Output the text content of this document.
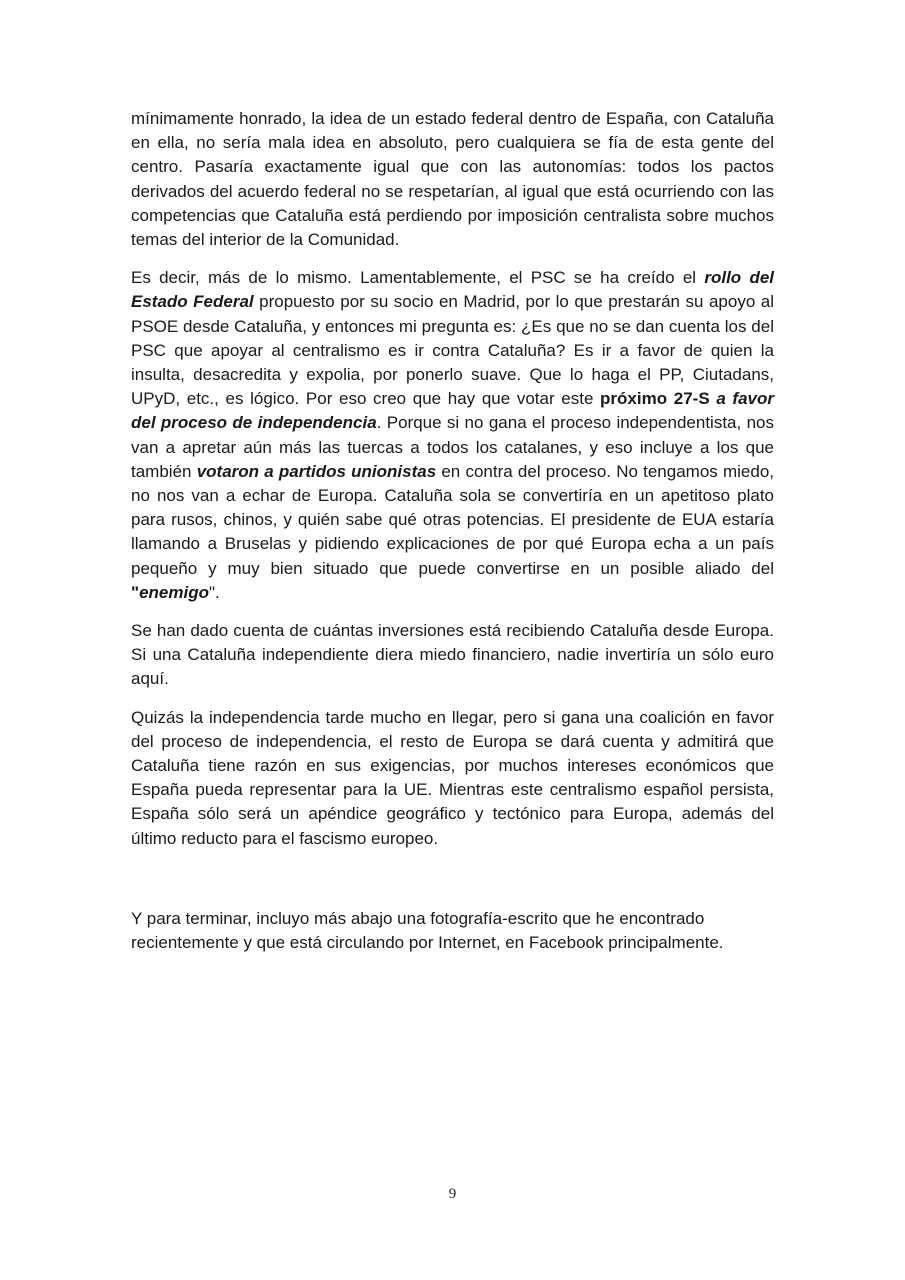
mínimamente honrado, la idea de un estado federal dentro de España, con Cataluña en ella, no sería mala idea en absoluto, pero cualquiera se fía de esta gente del centro. Pasaría exactamente igual que con las autonomías: todos los pactos derivados del acuerdo federal no se respetarían, al igual que está ocurriendo con las competencias que Cataluña está perdiendo por imposición centralista sobre muchos temas del interior de la Comunidad.

Es decir, más de lo mismo. Lamentablemente, el PSC se ha creído el rollo del Estado Federal propuesto por su socio en Madrid, por lo que prestarán su apoyo al PSOE desde Cataluña, y entonces mi pregunta es: ¿Es que no se dan cuenta los del PSC que apoyar al centralismo es ir contra Cataluña? Es ir a favor de quien la insulta, desacredita y expolia, por ponerlo suave. Que lo haga el PP, Ciutadans, UPyD, etc., es lógico. Por eso creo que hay que votar este próximo 27-S a favor del proceso de independencia. Porque si no gana el proceso independentista, nos van a apretar aún más las tuercas a todos los catalanes, y eso incluye a los que también votaron a partidos unionistas en contra del proceso. No tengamos miedo, no nos van a echar de Europa. Cataluña sola se convertiría en un apetitoso plato para rusos, chinos, y quién sabe qué otras potencias. El presidente de EUA estaría llamando a Bruselas y pidiendo explicaciones de por qué Europa echa a un país pequeño y muy bien situado que puede convertirse en un posible aliado del "enemigo".

Se han dado cuenta de cuántas inversiones está recibiendo Cataluña desde Europa. Si una Cataluña independiente diera miedo financiero, nadie invertiría un sólo euro aquí.

Quizás la independencia tarde mucho en llegar, pero si gana una coalición en favor del proceso de independencia, el resto de Europa se dará cuenta y admitirá que Cataluña tiene razón en sus exigencias, por muchos intereses económicos que España pueda representar para la UE. Mientras este centralismo español persista, España sólo será un apéndice geográfico y tectónico para Europa, además del último reducto para el fascismo europeo.

Y para terminar, incluyo más abajo una fotografía-escrito que he encontrado recientemente y que está circulando por Internet, en Facebook principalmente.

9
